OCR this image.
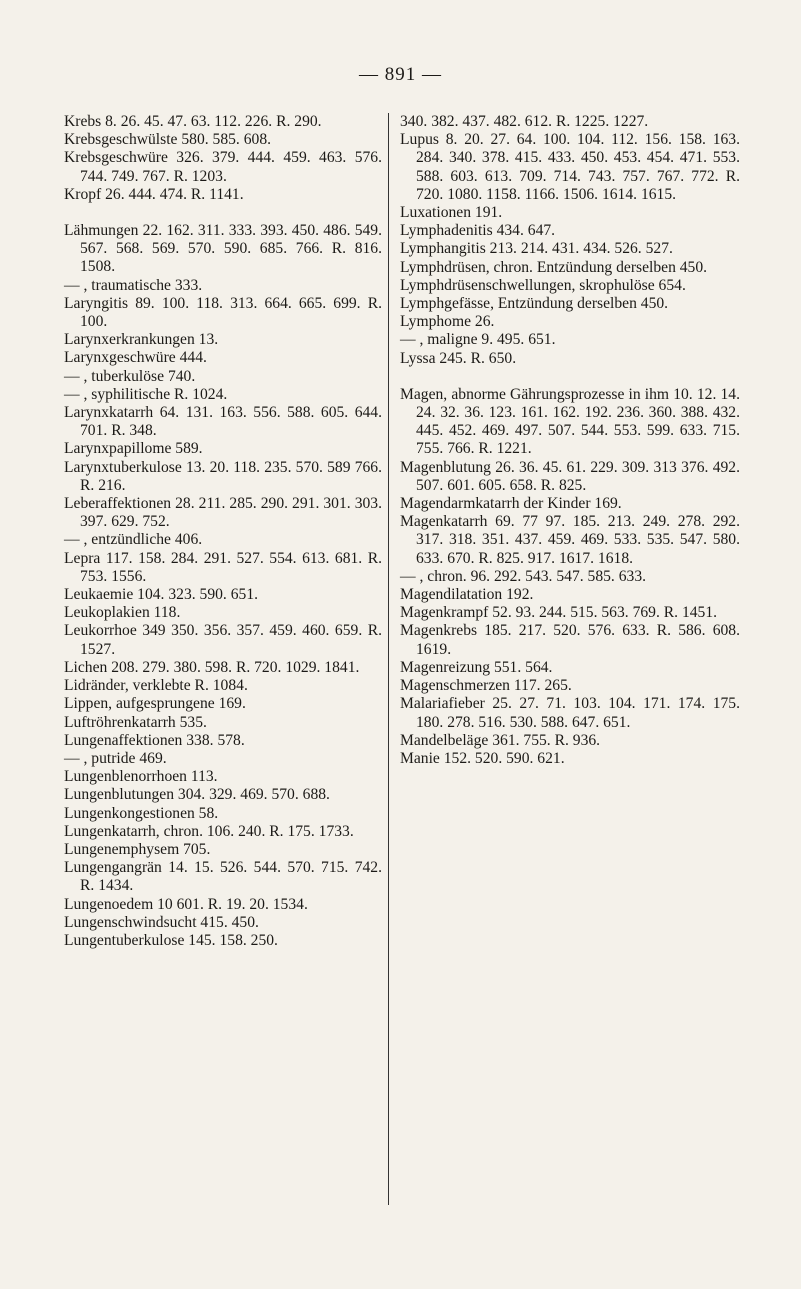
— 891 —

Krebs 8. 26. 45. 47. 63. 112. 226. R. 290.

Krebsgeschwülste 580. 585. 608.

Krebsgeschwüre 326. 379. 444. 459. 463. 576. 744. 749. 767. R. 1203.

Kropf 26. 444. 474. R. 1141.

Lähmungen 22. 162. 311. 333. 393. 450. 486. 549. 567. 568. 569. 570. 590. 685. 766. R. 816. 1508.

— , traumatische 333.

Laryngitis 89. 100. 118. 313. 664. 665. 699. R. 100.

Larynxerkrankungen 13.

Larynxgeschwüre 444.

— , tuberkulöse 740.

— , syphilitische R. 1024.

Larynxkatarrh 64. 131. 163. 556. 588. 605. 644. 701. R. 348.

Larynxpapillome 589.

Larynxtuberkulose 13. 20. 118. 235. 570. 589 766. R. 216.

Leberaffektionen 28. 211. 285. 290. 291. 301. 303. 397. 629. 752.

— , entzündliche 406.

Lepra 117. 158. 284. 291. 527. 554. 613. 681. R. 753. 1556.

Leukaemie 104. 323. 590. 651.

Leukoplakien 118.

Leukorrhoe 349 350. 356. 357. 459. 460. 659. R. 1527.

Lichen 208. 279. 380. 598. R. 720. 1029. 1841.

Lidränder, verklebte R. 1084.

Lippen, aufgesprungene 169.

Luftröhrenkatarrh 535.

Lungenaffektionen 338. 578.

— , putride 469.

Lungenblenorrhoen 113.

Lungenblutungen 304. 329. 469. 570. 688.

Lungenkongestionen 58.

Lungenkatarrh, chron. 106. 240. R. 175. 1733.

Lungenemphysem 705.

Lungengangrän 14. 15. 526. 544. 570. 715. 742. R. 1434.

Lungenoedem 10 601. R. 19. 20. 1534.

Lungenschwindsucht 415. 450.

Lungentuberkulose 145. 158. 250.

340. 382. 437. 482. 612. R. 1225. 1227.

Lupus 8. 20. 27. 64. 100. 104. 112. 156. 158. 163. 284. 340. 378. 415. 433. 450. 453. 454. 471. 553. 588. 603. 613. 709. 714. 743. 757. 767. 772. R. 720. 1080. 1158. 1166. 1506. 1614. 1615.

Luxationen 191.

Lymphadenitis 434. 647.

Lymphangitis 213. 214. 431. 434. 526. 527.

Lymphdrüsen, chron. Entzündung derselben 450.

Lymphdrüsenschwellungen, skrophulöse 654.

Lymphgefässe, Entzündung derselben 450.

Lymphome 26.

— , maligne 9. 495. 651.

Lyssa 245. R. 650.

Magen, abnorme Gährungsprozesse in ihm 10. 12. 14. 24. 32. 36. 123. 161. 162. 192. 236. 360. 388. 432. 445. 452. 469. 497. 507. 544. 553. 599. 633. 715. 755. 766. R. 1221.

Magenblutung 26. 36. 45. 61. 229. 309. 313 376. 492. 507. 601. 605. 658. R. 825.

Magendarmkatarrh der Kinder 169.

Magenkatarrh 69. 77 97. 185. 213. 249. 278. 292. 317. 318. 351. 437. 459. 469. 533. 535. 547. 580. 633. 670. R. 825. 917. 1617. 1618.

— , chron. 96. 292. 543. 547. 585. 633.

Magendilatation 192.

Magenkrampf 52. 93. 244. 515. 563. 769. R. 1451.

Magenkrebs 185. 217. 520. 576. 633. R. 586. 608. 1619.

Magenreizung 551. 564.

Magenschmerzen 117. 265.

Malariafieber 25. 27. 71. 103. 104. 171. 174. 175. 180. 278. 516. 530. 588. 647. 651.

Mandelbeläge 361. 755. R. 936.

Manie 152. 520. 590. 621.
